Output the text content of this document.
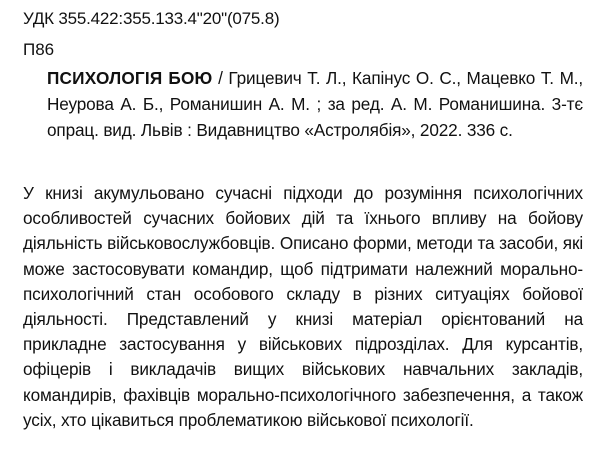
УДК 355.422:355.133.4"20"(075.8)
П86
ПСИХОЛОГІЯ БОЮ / Грицевич Т. Л., Капінус О. С., Мацевко Т. М., Неурова А. Б., Романишин А. М. ; за ред. А. М. Романишина. 3-тє опрац. вид. Львів : Видавництво «Астролябія», 2022. 336 с.
У книзі акумульовано сучасні підходи до розуміння психологічних особливостей сучасних бойових дій та їхнього впливу на бойову діяльність військовослужбовців. Описано форми, методи та засоби, які може застосовувати командир, щоб підтримати належний морально-психологічний стан особового складу в різних ситуаціях бойової діяльності. Представлений у книзі матеріал орієнтований на прикладне застосування у військових підрозділах. Для курсантів, офіцерів і викладачів вищих військових навчальних закладів, командирів, фахівців морально-психологічного забезпечення, а також усіх, хто цікавиться проблематикою військової психології.
